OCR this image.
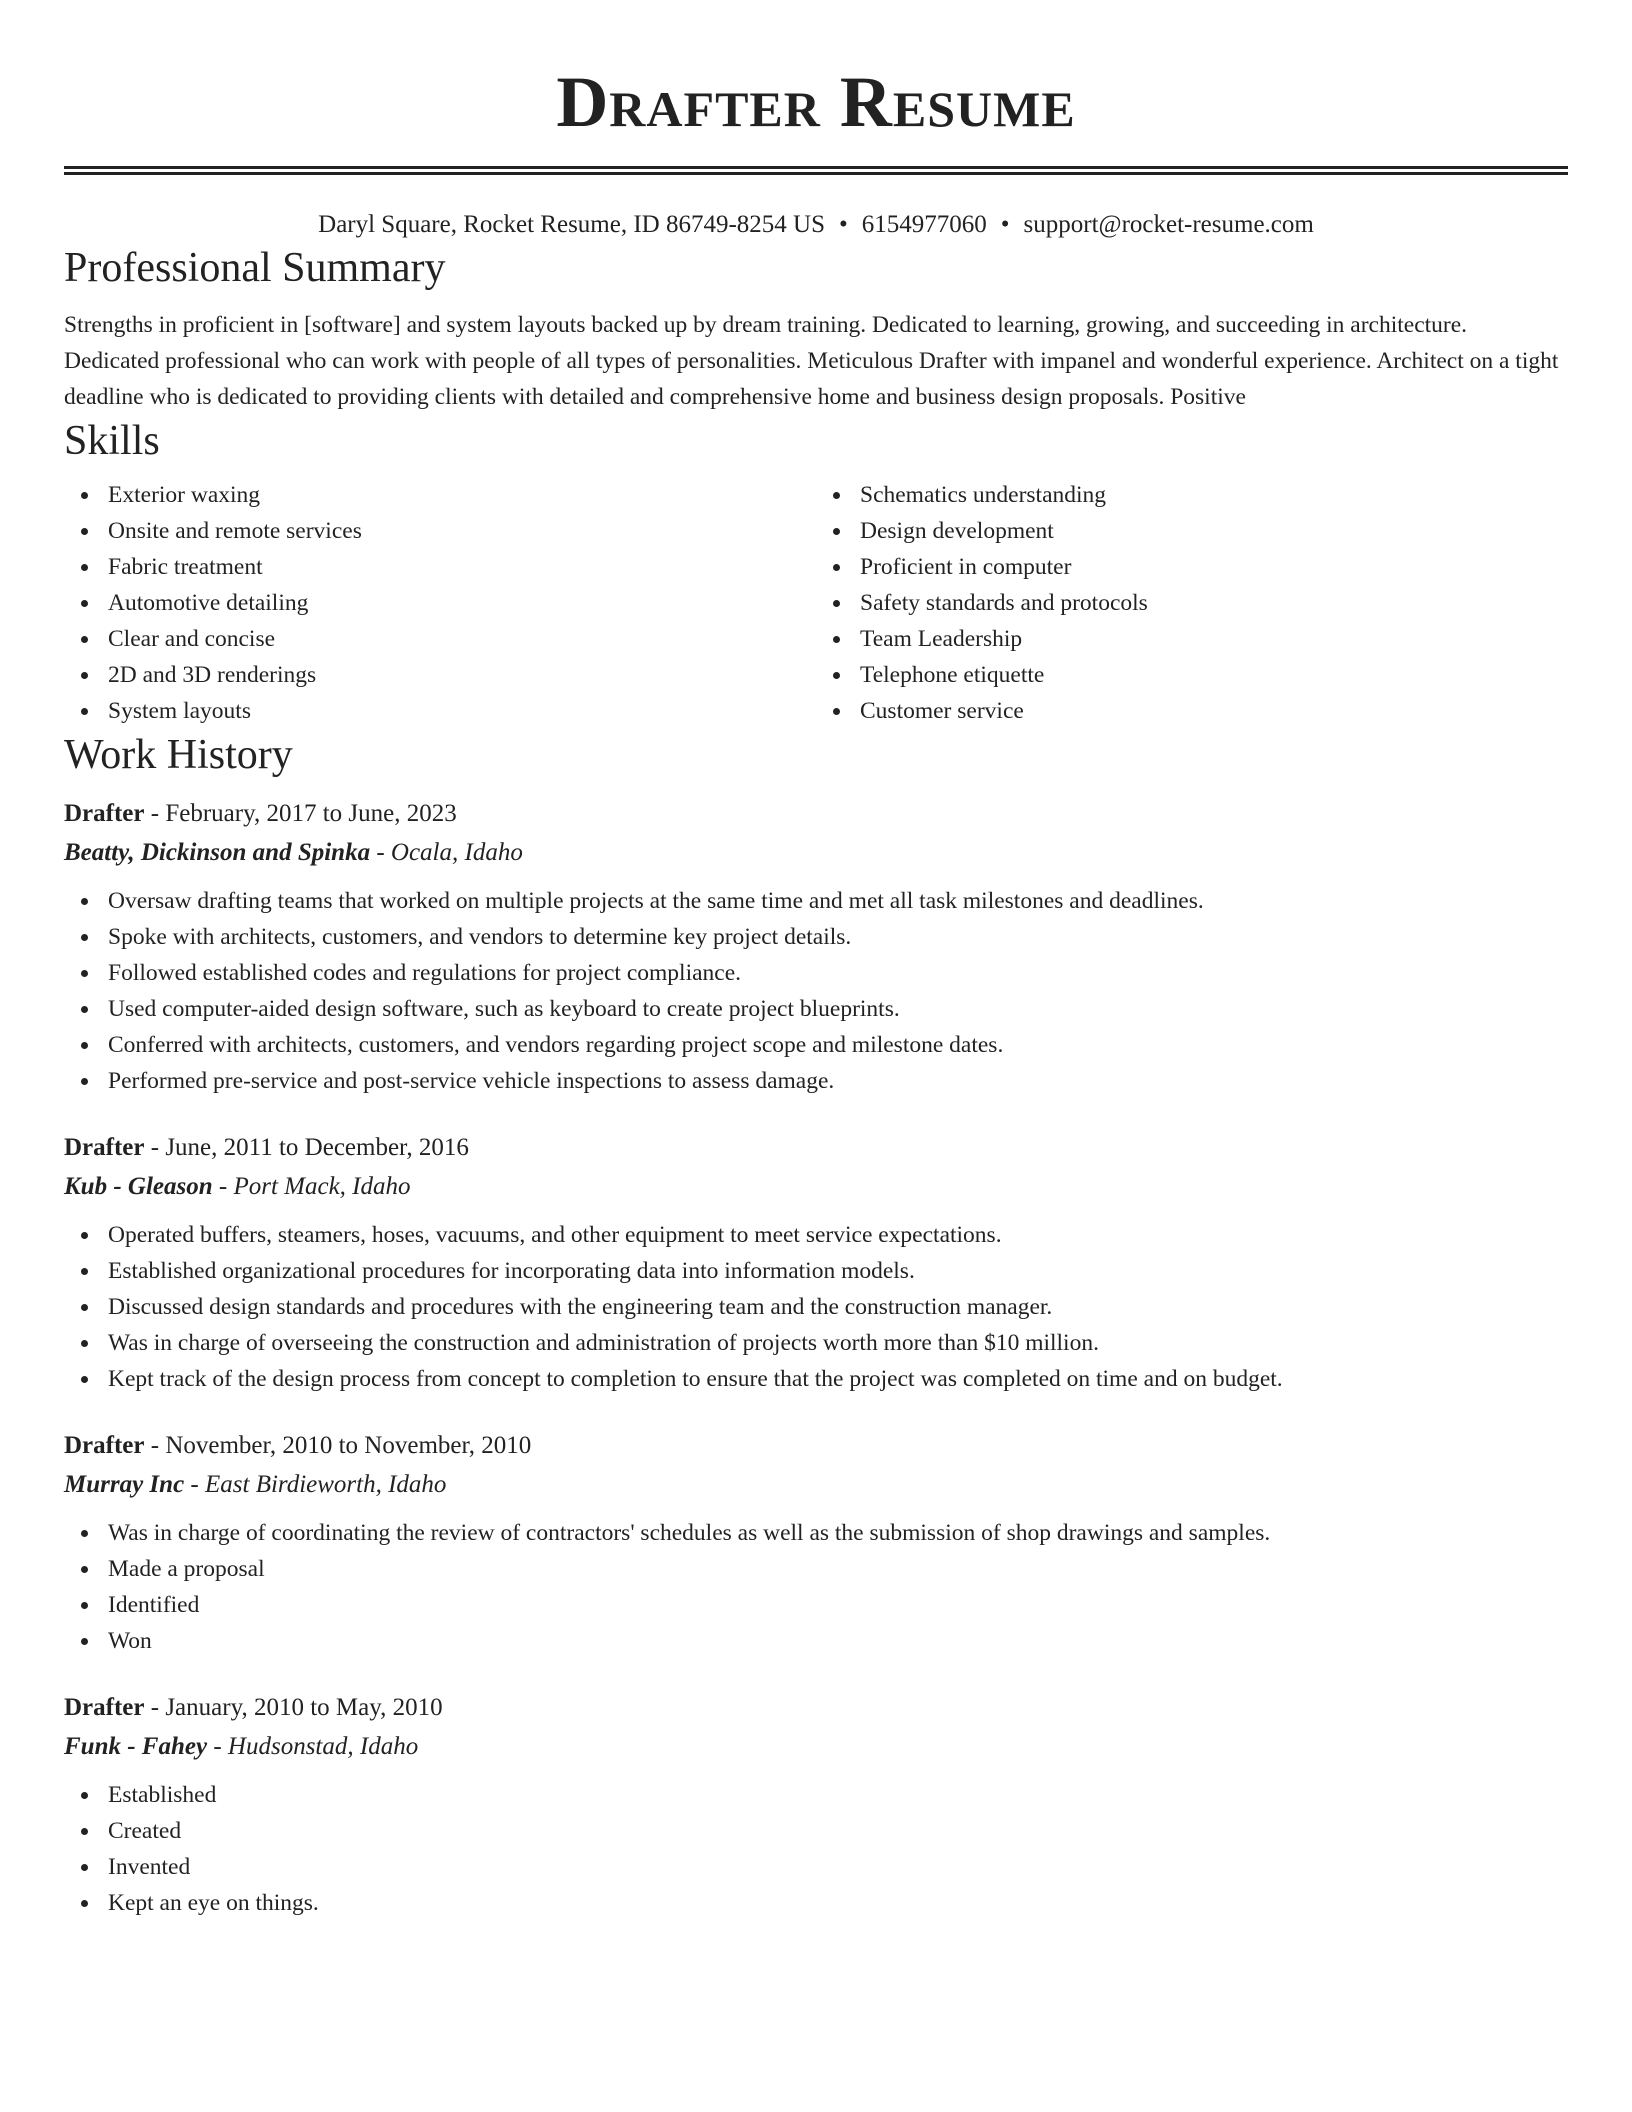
Drafter Resume
Daryl Square, Rocket Resume, ID 86749-8254 US • 6154977060 • support@rocket-resume.com
Professional Summary

Strengths in proficient in [software] and system layouts backed up by dream training. Dedicated to learning, growing, and succeeding in architecture. Dedicated professional who can work with people of all types of personalities. Meticulous Drafter with impanel and wonderful experience. Architect on a tight deadline who is dedicated to providing clients with detailed and comprehensive home and business design proposals. Positive

Skills
Exterior waxing
Onsite and remote services
Fabric treatment
Automotive detailing
Clear and concise
2D and 3D renderings
System layouts
Schematics understanding
Design development
Proficient in computer
Safety standards and protocols
Team Leadership
Telephone etiquette
Customer service
Work History
Drafter - February, 2017 to June, 2023
Beatty, Dickinson and Spinka - Ocala, Idaho
Oversaw drafting teams that worked on multiple projects at the same time and met all task milestones and deadlines.
Spoke with architects, customers, and vendors to determine key project details.
Followed established codes and regulations for project compliance.
Used computer-aided design software, such as keyboard to create project blueprints.
Conferred with architects, customers, and vendors regarding project scope and milestone dates.
Performed pre-service and post-service vehicle inspections to assess damage.
Drafter - June, 2011 to December, 2016
Kub - Gleason - Port Mack, Idaho
Operated buffers, steamers, hoses, vacuums, and other equipment to meet service expectations.
Established organizational procedures for incorporating data into information models.
Discussed design standards and procedures with the engineering team and the construction manager.
Was in charge of overseeing the construction and administration of projects worth more than $10 million.
Kept track of the design process from concept to completion to ensure that the project was completed on time and on budget.
Drafter - November, 2010 to November, 2010
Murray Inc - East Birdieworth, Idaho
Was in charge of coordinating the review of contractors' schedules as well as the submission of shop drawings and samples.
Made a proposal
Identified
Won
Drafter - January, 2010 to May, 2010
Funk - Fahey - Hudsonstad, Idaho
Established
Created
Invented
Kept an eye on things.
